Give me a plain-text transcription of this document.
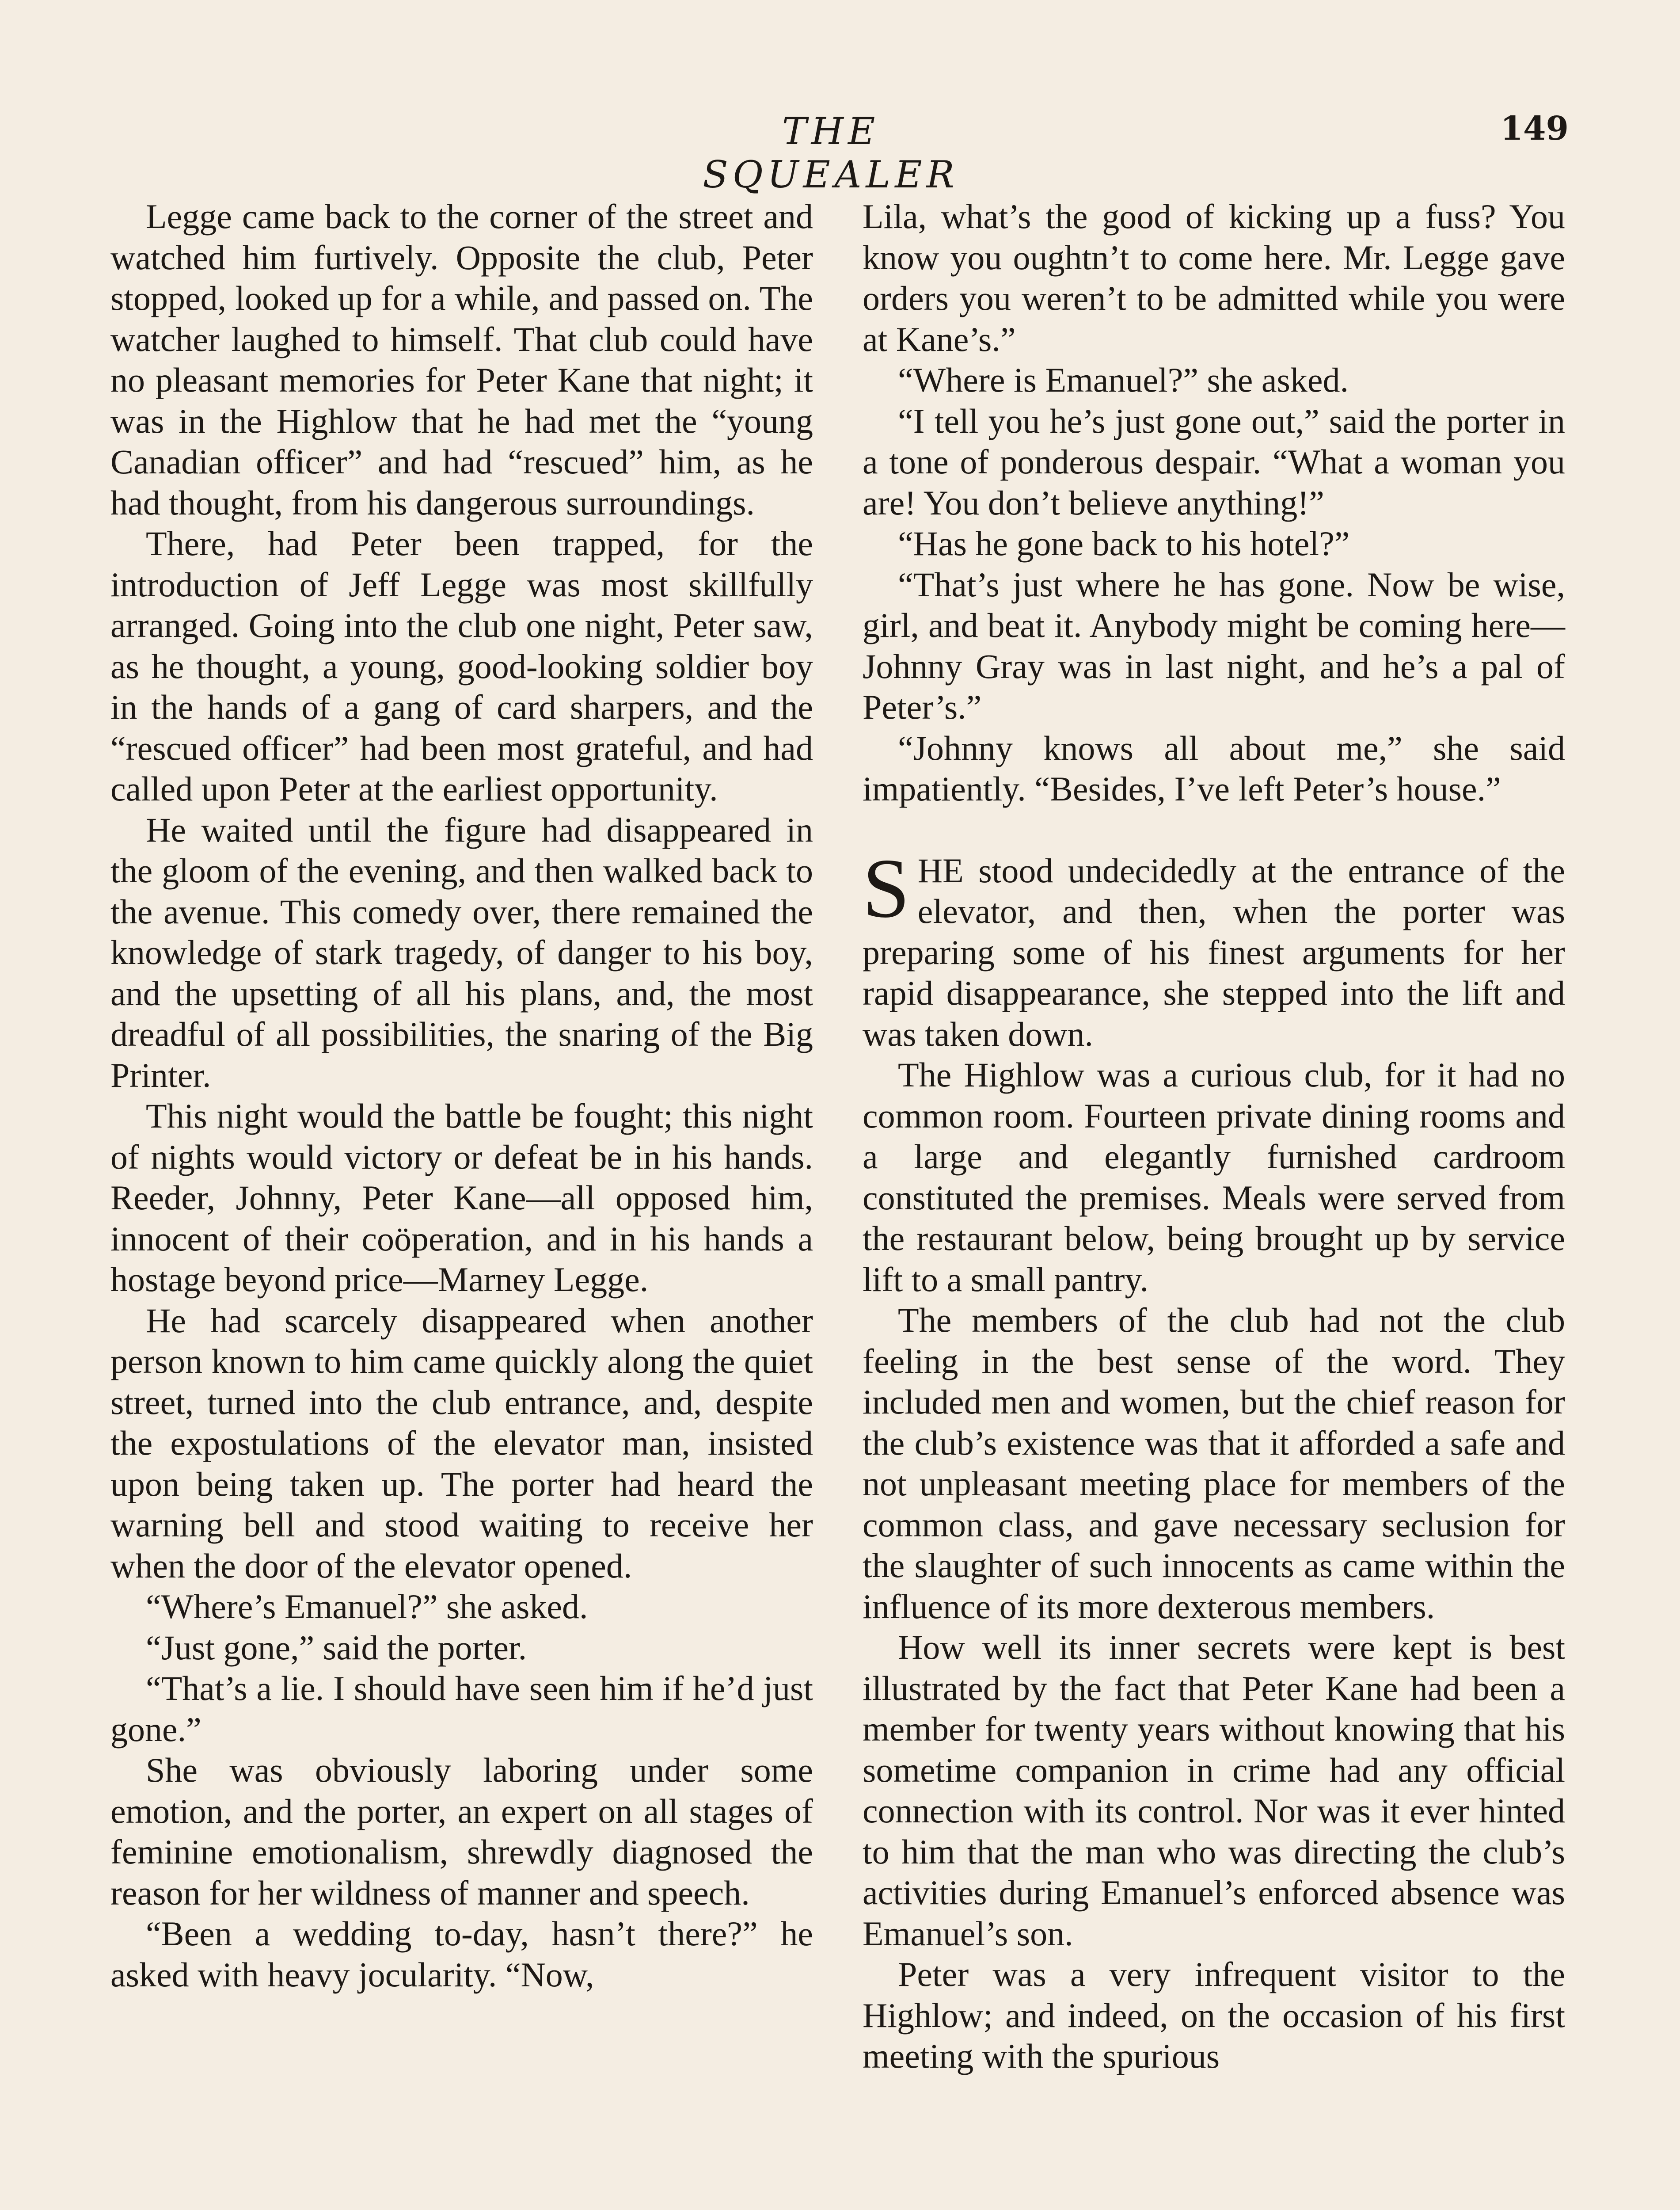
THE SQUEALER
149

Legge came back to the corner of the street and watched him furtively. Opposite the club, Peter stopped, looked up for a while, and passed on. The watcher laughed to himself. That club could have no pleasant memories for Peter Kane that night; it was in the Highlow that he had met the “young Canadian officer” and had “rescued” him, as he had thought, from his dangerous surroundings.

There, had Peter been trapped, for the introduction of Jeff Legge was most skillfully arranged. Going into the club one night, Peter saw, as he thought, a young, good-looking soldier boy in the hands of a gang of card sharpers, and the “rescued officer” had been most grateful, and had called upon Peter at the earliest opportunity.

He waited until the figure had disappeared in the gloom of the evening, and then walked back to the avenue. This comedy over, there remained the knowledge of stark tragedy, of danger to his boy, and the upsetting of all his plans, and, the most dreadful of all possibilities, the snaring of the Big Printer.

This night would the battle be fought; this night of nights would victory or defeat be in his hands. Reeder, Johnny, Peter Kane—all opposed him, innocent of their coöperation, and in his hands a hostage beyond price—Marney Legge.

He had scarcely disappeared when another person known to him came quickly along the quiet street, turned into the club entrance, and, despite the expostulations of the elevator man, insisted upon being taken up. The porter had heard the warning bell and stood waiting to receive her when the door of the elevator opened.

“Where’s Emanuel?” she asked.

“Just gone,” said the porter.

“That’s a lie. I should have seen him if he’d just gone.”

She was obviously laboring under some emotion, and the porter, an expert on all stages of feminine emotionalism, shrewdly diagnosed the reason for her wildness of manner and speech.

“Been a wedding to-day, hasn’t there?” he asked with heavy jocularity. “Now,

Lila, what’s the good of kicking up a fuss? You know you oughtn’t to come here. Mr. Legge gave orders you weren’t to be admitted while you were at Kane’s.”

“Where is Emanuel?” she asked.

“I tell you he’s just gone out,” said the porter in a tone of ponderous despair. “What a woman you are! You don’t believe anything!”

“Has he gone back to his hotel?”

“That’s just where he has gone. Now be wise, girl, and beat it. Anybody might be coming here—Johnny Gray was in last night, and he’s a pal of Peter’s.”

“Johnny knows all about me,” she said impatiently. “Besides, I’ve left Peter’s house.”

SHE stood undecidedly at the entrance of the elevator, and then, when the porter was preparing some of his finest arguments for her rapid disappearance, she stepped into the lift and was taken down.

The Highlow was a curious club, for it had no common room. Fourteen private dining rooms and a large and elegantly furnished cardroom constituted the premises. Meals were served from the restaurant below, being brought up by service lift to a small pantry.

The members of the club had not the club feeling in the best sense of the word. They included men and women, but the chief reason for the club’s existence was that it afforded a safe and not unpleasant meeting place for members of the common class, and gave necessary seclusion for the slaughter of such innocents as came within the influence of its more dexterous members.

How well its inner secrets were kept is best illustrated by the fact that Peter Kane had been a member for twenty years without knowing that his sometime companion in crime had any official connection with its control. Nor was it ever hinted to him that the man who was directing the club’s activities during Emanuel’s enforced absence was Emanuel’s son.

Peter was a very infrequent visitor to the Highlow; and indeed, on the occasion of his first meeting with the spurious
